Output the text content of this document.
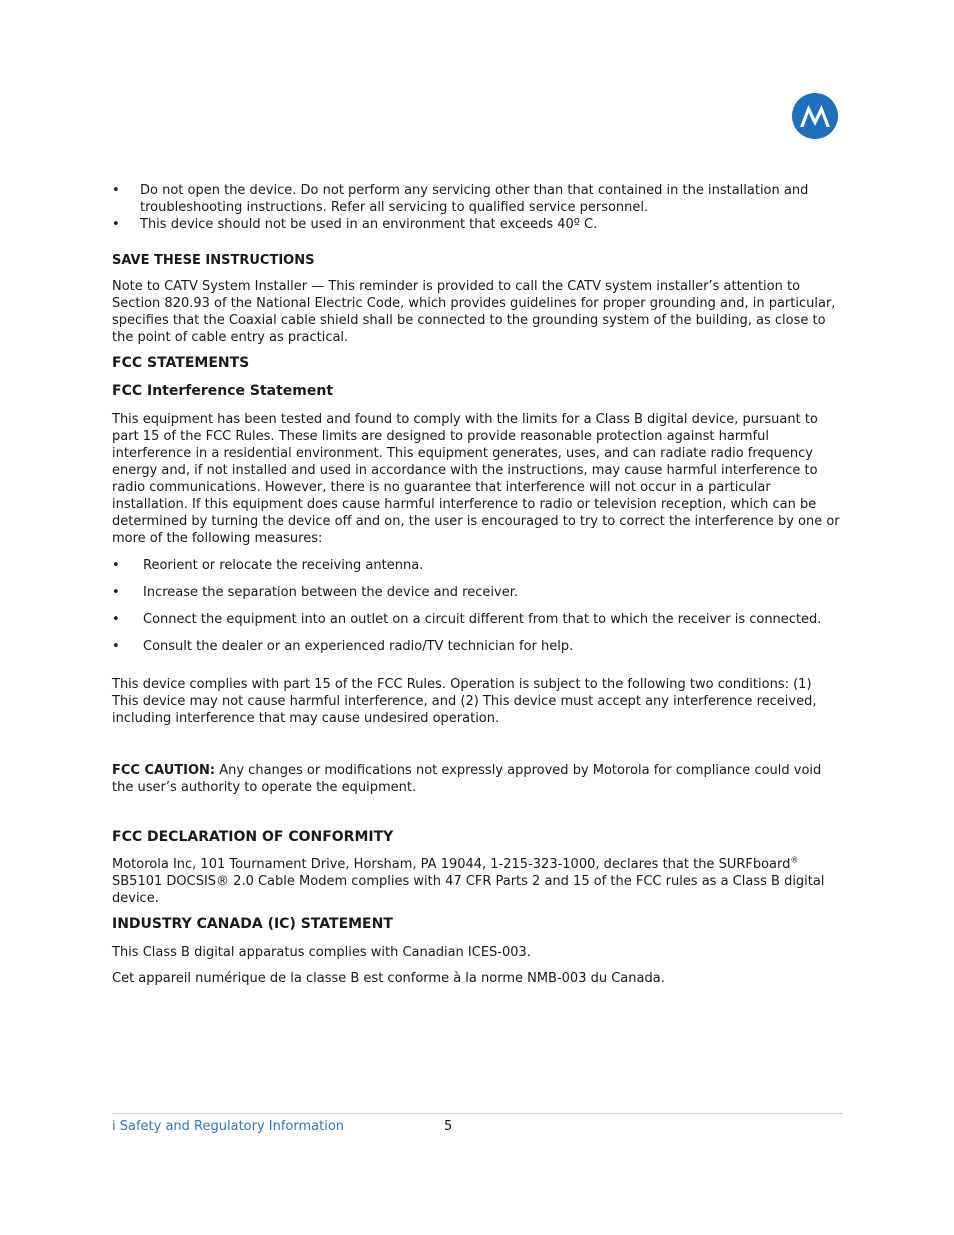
• Do not open the device. Do not perform any servicing other than that contained in the installation and troubleshooting instructions. Refer all servicing to qualified service personnel.
• This device should not be used in an environment that exceeds 40º C.

SAVE THESE INSTRUCTIONS

Note to CATV System Installer — This reminder is provided to call the CATV system installer’s attention to Section 820.93 of the National Electric Code, which provides guidelines for proper grounding and, in particular, specifies that the Coaxial cable shield shall be connected to the grounding system of the building, as close to the point of cable entry as practical.

FCC STATEMENTS

FCC Interference Statement

This equipment has been tested and found to comply with the limits for a Class B digital device, pursuant to part 15 of the FCC Rules. These limits are designed to provide reasonable protection against harmful interference in a residential environment. This equipment generates, uses, and can radiate radio frequency energy and, if not installed and used in accordance with the instructions, may cause harmful interference to radio communications. However, there is no guarantee that interference will not occur in a particular installation. If this equipment does cause harmful interference to radio or television reception, which can be determined by turning the device off and on, the user is encouraged to try to correct the interference by one or more of the following measures:

• Reorient or relocate the receiving antenna.
• Increase the separation between the device and receiver.
• Connect the equipment into an outlet on a circuit different from that to which the receiver is connected.
• Consult the dealer or an experienced radio/TV technician for help.

This device complies with part 15 of the FCC Rules. Operation is subject to the following two conditions: (1) This device may not cause harmful interference, and (2) This device must accept any interference received, including interference that may cause undesired operation.

FCC CAUTION: Any changes or modifications not expressly approved by Motorola for compliance could void the user’s authority to operate the equipment.

FCC DECLARATION OF CONFORMITY

Motorola Inc, 101 Tournament Drive, Horsham, PA 19044, 1-215-323-1000, declares that the SURFboard® SB5101 DOCSIS® 2.0 Cable Modem complies with 47 CFR Parts 2 and 15 of the FCC rules as a Class B digital device.

INDUSTRY CANADA (IC) STATEMENT

This Class B digital apparatus complies with Canadian ICES-003.

Cet appareil numérique de la classe B est conforme à la norme NMB-003 du Canada.

i Safety and Regulatory Information	5
